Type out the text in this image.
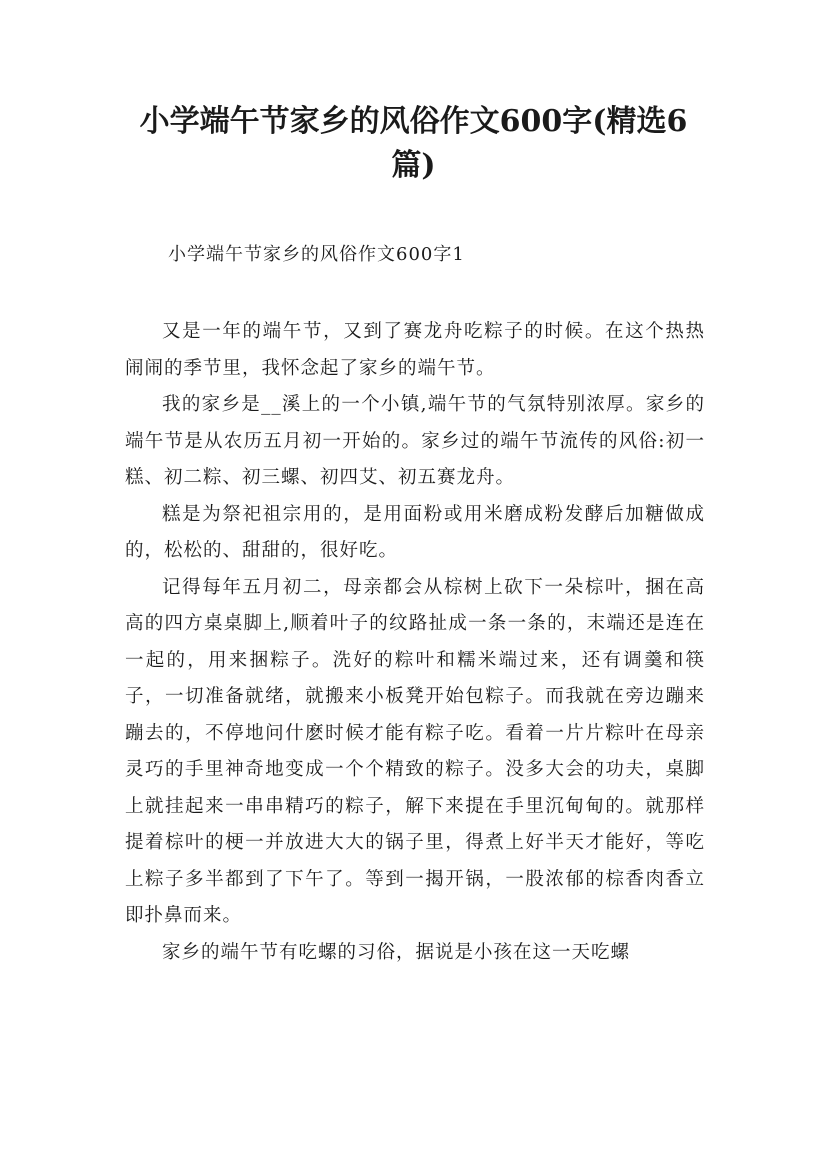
小学端午节家乡的风俗作文600字(精选6篇)

小学端午节家乡的风俗作文600字1

又是一年的端午节，又到了赛龙舟吃粽子的时候。在这个热热闹闹的季节里，我怀念起了家乡的端午节。

我的家乡是__溪上的一个小镇,端午节的气氛特别浓厚。家乡的端午节是从农历五月初一开始的。家乡过的端午节流传的风俗:初一糕、初二粽、初三螺、初四艾、初五赛龙舟。

糕是为祭祀祖宗用的，是用面粉或用米磨成粉发酵后加糖做成的，松松的、甜甜的，很好吃。

记得每年五月初二，母亲都会从棕树上砍下一朵棕叶，捆在高高的四方桌桌脚上,顺着叶子的纹路扯成一条一条的，末端还是连在一起的，用来捆粽子。洗好的粽叶和糯米端过来，还有调羹和筷子，一切准备就绪，就搬来小板凳开始包粽子。而我就在旁边蹦来蹦去的，不停地问什麽时候才能有粽子吃。看着一片片粽叶在母亲灵巧的手里神奇地变成一个个精致的粽子。没多大会的功夫，桌脚上就挂起来一串串精巧的粽子，解下来提在手里沉甸甸的。就那样提着棕叶的梗一并放进大大的锅子里，得煮上好半天才能好，等吃上粽子多半都到了下午了。等到一揭开锅，一股浓郁的棕香肉香立即扑鼻而来。

家乡的端午节有吃螺的习俗，据说是小孩在这一天吃螺
